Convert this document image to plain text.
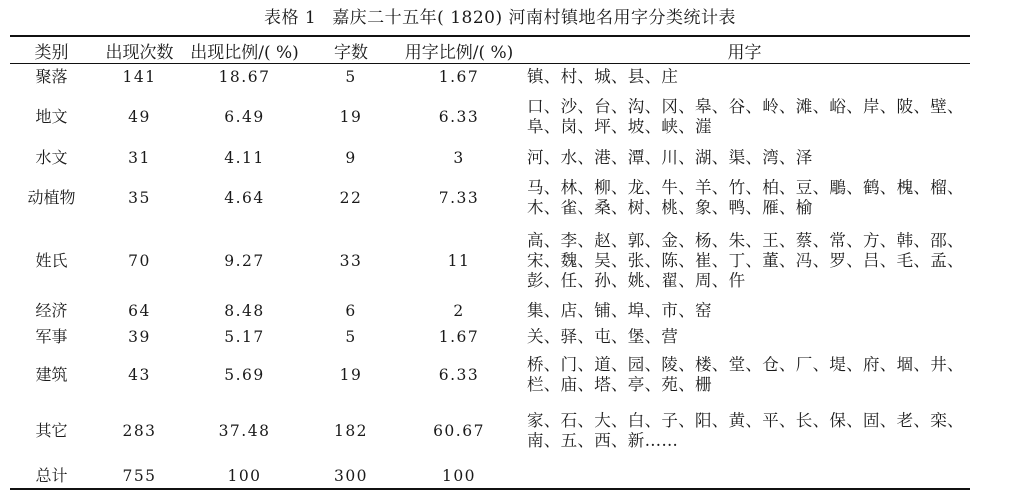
表格 1 嘉庆二十五年( 1820) 河南村镇地名用字分类统计表
类别	出现次数	出现比例/( %)	字数	用字比例/( %)	用字
聚落	141	18.67	5	1.67	镇、村、城、县、庄
地文	49	6.49	19	6.33	口、沙、台、沟、冈、皋、谷、岭、滩、峪、岸、陂、壁、阜、岗、坪、坡、峡、漄
水文	31	4.11	9	3	河、水、港、潭、川、湖、渠、湾、泽
动植物	35	4.64	22	7.33	马、林、柳、龙、牛、羊、竹、柏、豆、鵰、鹤、槐、榴、木、雀、桑、树、桃、象、鸭、雁、榆
姓氏	70	9.27	33	11	高、李、赵、郭、金、杨、朱、王、蔡、常、方、韩、邵、宋、魏、吴、张、陈、崔、丁、董、冯、罗、吕、毛、孟、彭、任、孙、姚、翟、周、仵
经济	64	8.48	6	2	集、店、铺、埠、市、窑
军事	39	5.17	5	1.67	关、驿、屯、堡、营
建筑	43	5.69	19	6.33	桥、门、道、园、陵、楼、堂、仓、厂、堤、府、堌、井、栏、庙、塔、亭、苑、栅
其它	283	37.48	182	60.67	家、石、大、白、子、阳、黄、平、长、保、固、老、栾、南、五、西、新……
总计	755	100	300	100	
